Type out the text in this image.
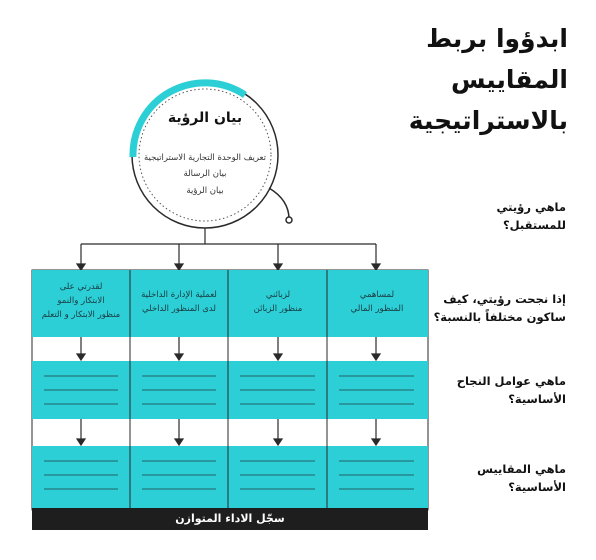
ابدؤوا بربط
المقاييس
بالاستراتيجية
ماهي رؤيتي
للمستقبل؟
إذا نجحت رؤيتي، كيف
ساكون مختلفاً بالنسبة؟
ماهي عوامل النجاح
الأساسية؟
ماهي المقاييس
الأساسية؟
بيان الرؤية
تعريف الوحدة التجارية الاستراتيجية
بيان الرسالة
بيان الرؤية
لقدرتي على
الابتكار والنمو
منظور الابتكار و التعلم
لعملية الإدارة الداخلية
لدى المنظور الداخلي
لزبائني
منظور الزبائن
لمساهمي
المنظور المالي
سجّل الاداء المتوازن
